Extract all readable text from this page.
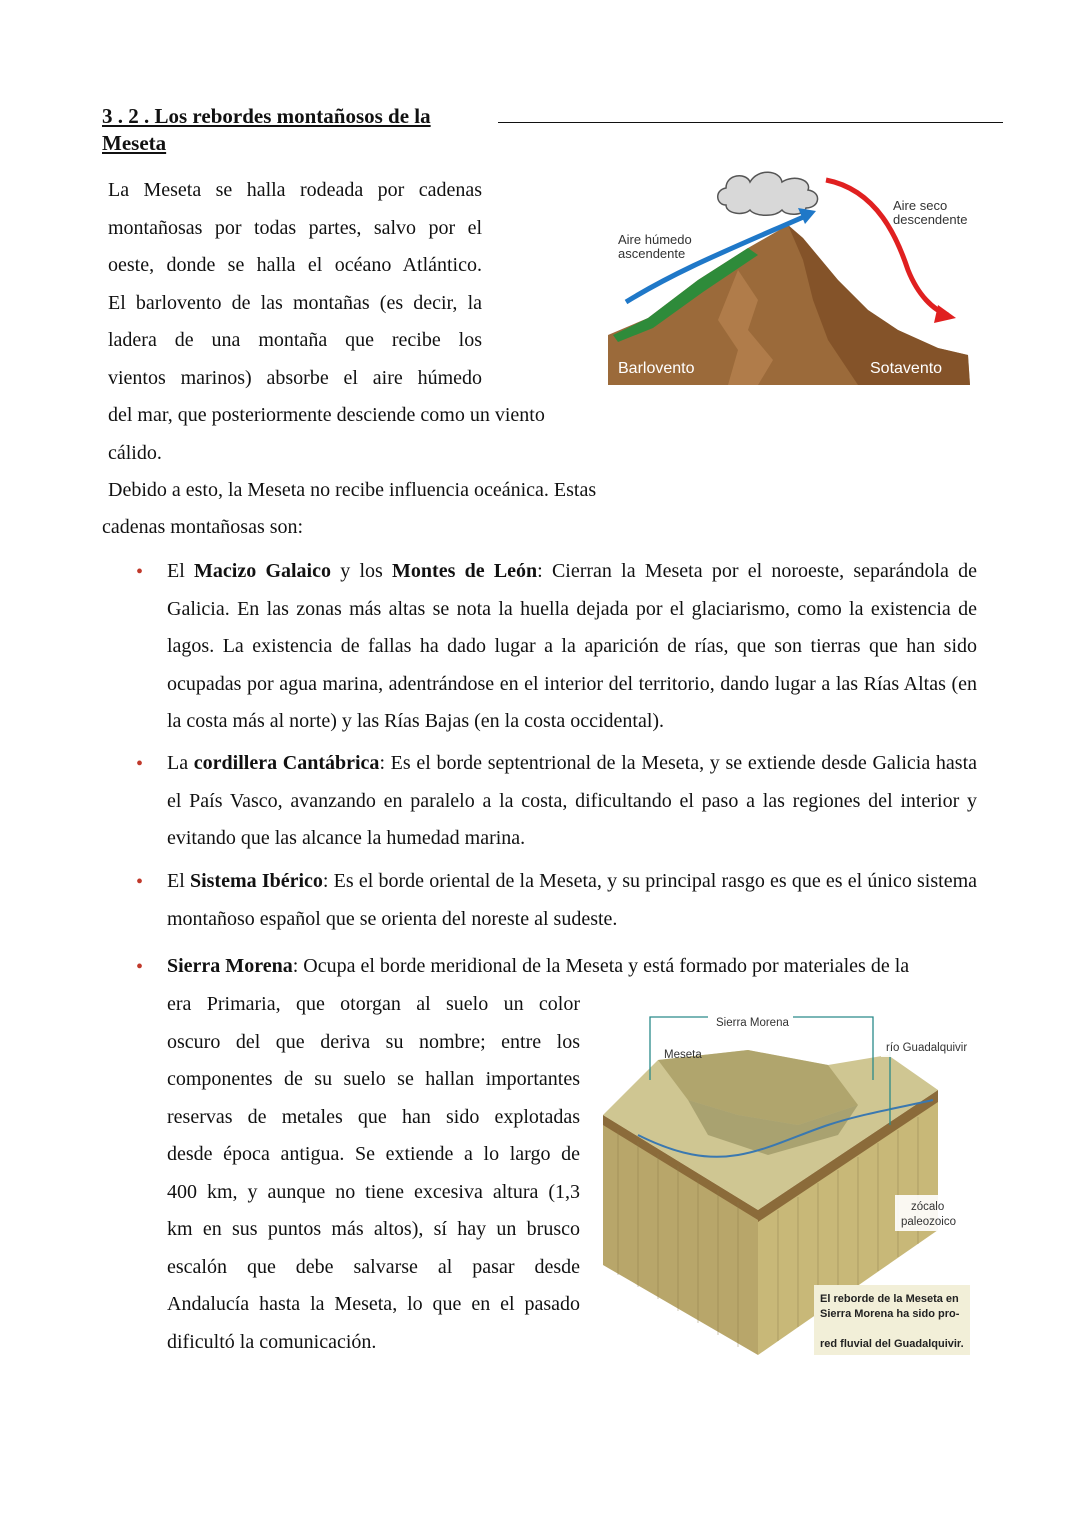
3 . 2 . Los rebordes montañosos de la Meseta
La Meseta se halla rodeada por cadenas
montañosas por todas partes, salvo por el
oeste, donde se halla el océano Atlántico.
El barlovento de las montañas (es decir, la
ladera de una montaña que recibe los
vientos marinos) absorbe el aire húmedo
del mar, que posteriormente desciende como un viento
cálido.
Debido a esto, la Meseta no recibe influencia oceánica. Estas
cadenas montañosas son:
Aire húmedo ascendente
Aire seco descendente
Barlovento	Sotavento
• El Macizo Galaico y los Montes de León: Cierran la Meseta por el noroeste, separándola de Galicia. En las zonas más altas se nota la huella dejada por el glaciarismo, como la existencia de lagos. La existencia de fallas ha dado lugar a la aparición de rías, que son tierras que han sido ocupadas por agua marina, adentrándose en el interior del territorio, dando lugar a las Rías Altas (en la costa más al norte) y las Rías Bajas (en la costa occidental).
• La cordillera Cantábrica: Es el borde septentrional de la Meseta, y se extiende desde Galicia hasta el País Vasco, avanzando en paralelo a la costa, dificultando el paso a las regiones del interior y evitando que las alcance la humedad marina.
• El Sistema Ibérico: Es el borde oriental de la Meseta, y su principal rasgo es que es el único sistema montañoso español que se orienta del noreste al sudeste.
• Sierra Morena: Ocupa el borde meridional de la Meseta y está formado por materiales de la
era Primaria, que otorgan al suelo un color
oscuro del que deriva su nombre; entre los
componentes de su suelo se hallan importantes
reservas de metales que han sido explotadas
desde época antigua. Se extiende a lo largo de
400 km, y aunque no tiene excesiva altura (1,3
km en sus puntos más altos), sí hay un brusco
escalón que debe salvarse al pasar desde
Andalucía hasta la Meseta, lo que en el pasado
dificultó la comunicación.
Sierra Morena
Meseta
río Guadalquivir
zócalo paleozoico
El reborde de la Meseta en Sierra Morena ha sido pro- red fluvial del Guadalquivir.
